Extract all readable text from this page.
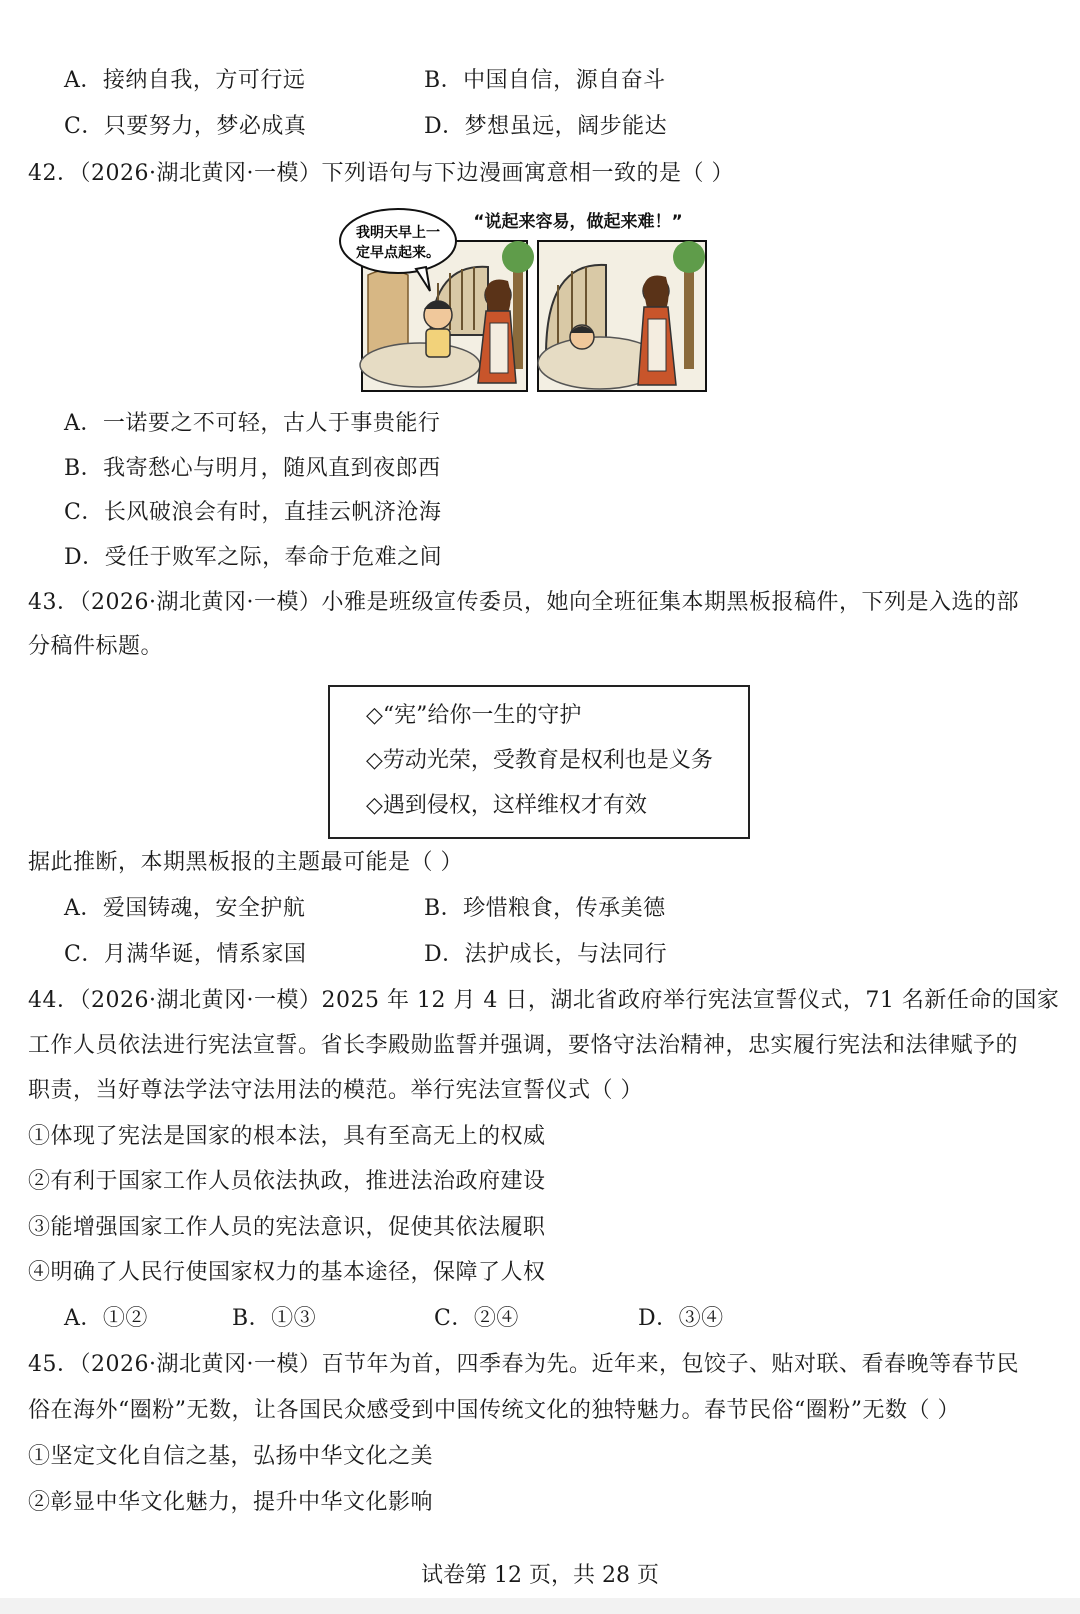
A．接纳自我，方可行远	B．中国自信，源自奋斗
C．只要努力，梦必成真	D．梦想虽远，阔步能达
42．（2026·湖北黄冈·一模）下列语句与下边漫画寓意相一致的是（ ）
“说起来容易，做起来难！”
我明天早上一
定早点起来。
A．一诺要之不可轻，古人于事贵能行
B．我寄愁心与明月，随风直到夜郎西
C．长风破浪会有时，直挂云帆济沧海
D．受任于败军之际，奉命于危难之间
43．（2026·湖北黄冈·一模）小雅是班级宣传委员，她向全班征集本期黑板报稿件，下列是入选的部
分稿件标题。
◇“宪”给你一生的守护
◇劳动光荣，受教育是权利也是义务
◇遇到侵权，这样维权才有效
据此推断，本期黑板报的主题最可能是（ ）
A．爱国铸魂，安全护航	B．珍惜粮食，传承美德
C．月满华诞，情系家国	D．法护成长，与法同行
44．（2026·湖北黄冈·一模）2025 年 12 月 4 日，湖北省政府举行宪法宣誓仪式，71 名新任命的国家
工作人员依法进行宪法宣誓。省长李殿勋监誓并强调，要恪守法治精神，忠实履行宪法和法律赋予的
职责，当好尊法学法守法用法的模范。举行宪法宣誓仪式（ ）
①体现了宪法是国家的根本法，具有至高无上的权威
②有利于国家工作人员依法执政，推进法治政府建设
③能增强国家工作人员的宪法意识，促使其依法履职
④明确了人民行使国家权力的基本途径，保障了人权
A．①②	B．①③	C．②④	D．③④
45．（2026·湖北黄冈·一模）百节年为首，四季春为先。近年来，包饺子、贴对联、看春晚等春节民
俗在海外“圈粉”无数，让各国民众感受到中国传统文化的独特魅力。春节民俗“圈粉”无数（ ）
①坚定文化自信之基，弘扬中华文化之美
②彰显中华文化魅力，提升中华文化影响
试卷第 12 页，共 28 页
